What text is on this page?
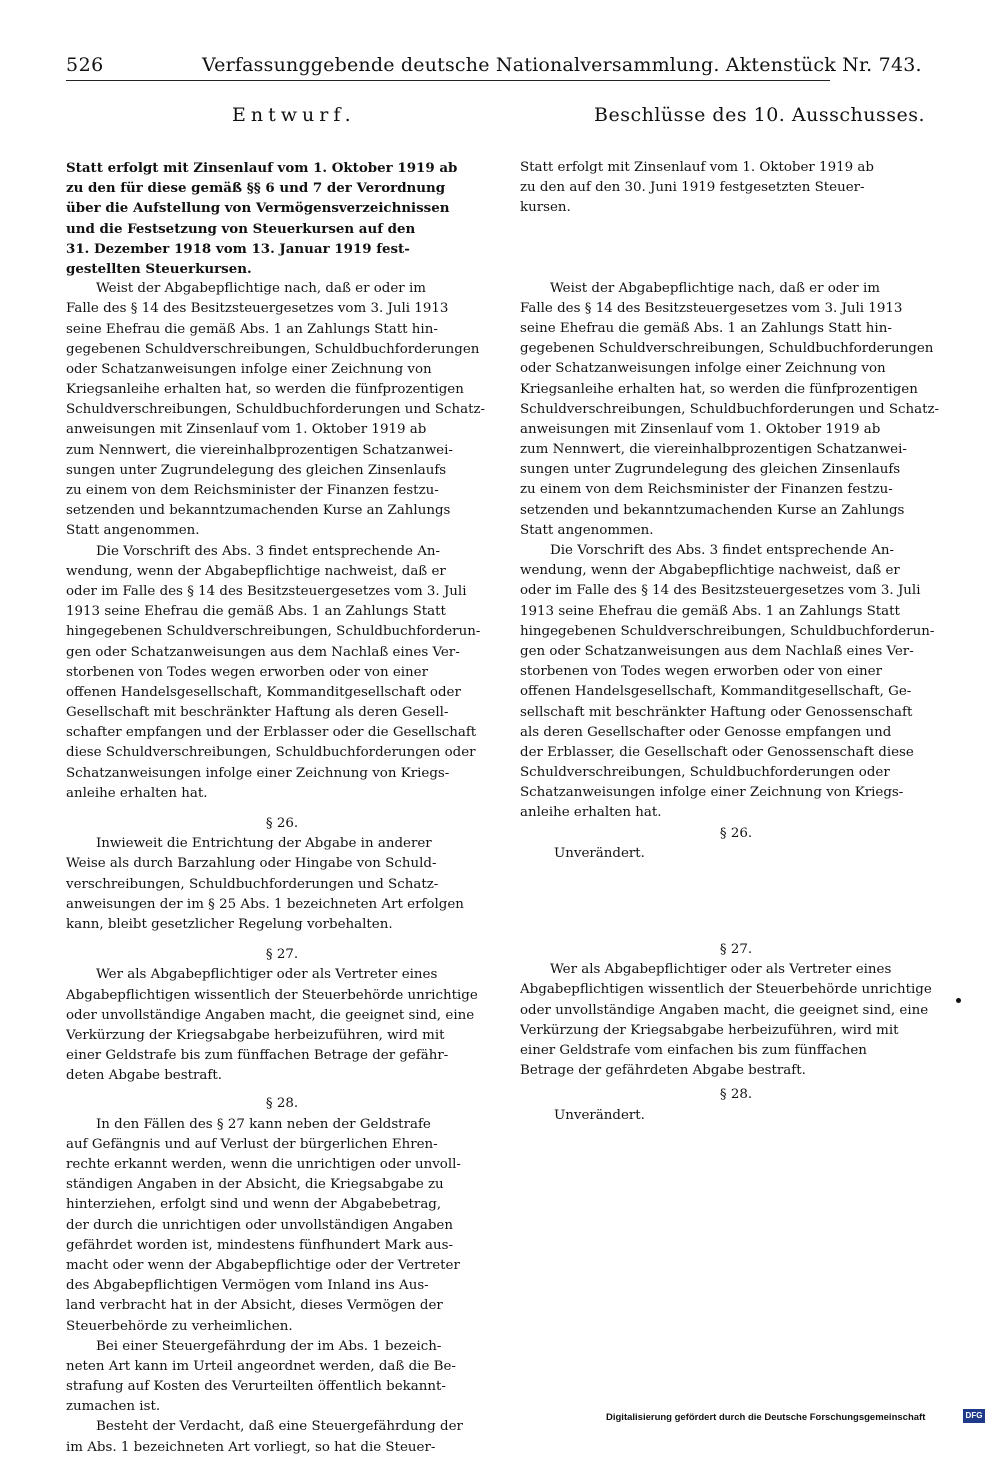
526	Verfassunggebende deutsche Nationalversammlung. Aktenstück Nr. 743.
Entwurf.	Beschlüsse des 10. Ausschusses.
Statt erfolgt mit Zinsenlauf vom 1. Oktober 1919 ab
zu den für diese gemäß §§ 6 und 7 der Verordnung
über die Aufstellung von Vermögensverzeichnissen
und die Festsetzung von Steuerkursen auf den
31. Dezember 1918 vom 13. Januar 1919 fest-
gestellten Steuerkursen.
Weist der Abgabepflichtige nach, daß er oder im
Falle des § 14 des Besitzsteuergesetzes vom 3. Juli 1913
seine Ehefrau die gemäß Abs. 1 an Zahlungs Statt hin-
gegebenen Schuldverschreibungen, Schuldbuchforderungen
oder Schatzanweisungen infolge einer Zeichnung von
Kriegsanleihe erhalten hat, so werden die fünfprozentigen
Schuldverschreibungen, Schuldbuchforderungen und Schatz-
anweisungen mit Zinsenlauf vom 1. Oktober 1919 ab
zum Nennwert, die viereinhalbprozentigen Schatzanwei-
sungen unter Zugrundelegung des gleichen Zinsenlaufs
zu einem von dem Reichsminister der Finanzen festzu-
setzenden und bekanntzumachenden Kurse an Zahlungs
Statt angenommen.
Die Vorschrift des Abs. 3 findet entsprechende An-
wendung, wenn der Abgabepflichtige nachweist, daß er
oder im Falle des § 14 des Besitzsteuergesetzes vom 3. Juli
1913 seine Ehefrau die gemäß Abs. 1 an Zahlungs Statt
hingegebenen Schuldverschreibungen, Schuldbuchforderun-
gen oder Schatzanweisungen aus dem Nachlaß eines Ver-
storbenen von Todes wegen erworben oder von einer
offenen Handelsgesellschaft, Kommanditgesellschaft oder
Gesellschaft mit beschränkter Haftung als deren Gesell-
schafter empfangen und der Erblasser oder die Gesellschaft
diese Schuldverschreibungen, Schuldbuchforderungen oder
Schatzanweisungen infolge einer Zeichnung von Kriegs-
anleihe erhalten hat.
§ 26.
Inwieweit die Entrichtung der Abgabe in anderer
Weise als durch Barzahlung oder Hingabe von Schuld-
verschreibungen, Schuldbuchforderungen und Schatz-
anweisungen der im § 25 Abs. 1 bezeichneten Art erfolgen
kann, bleibt gesetzlicher Regelung vorbehalten.
§ 27.
Wer als Abgabepflichtiger oder als Vertreter eines
Abgabepflichtigen wissentlich der Steuerbehörde unrichtige
oder unvollständige Angaben macht, die geeignet sind, eine
Verkürzung der Kriegsabgabe herbeizuführen, wird mit
einer Geldstrafe bis zum fünffachen Betrage der gefähr-
deten Abgabe bestraft.
§ 28.
In den Fällen des § 27 kann neben der Geldstrafe
auf Gefängnis und auf Verlust der bürgerlichen Ehren-
rechte erkannt werden, wenn die unrichtigen oder unvoll-
ständigen Angaben in der Absicht, die Kriegsabgabe zu
hinterziehen, erfolgt sind und wenn der Abgabebetrag,
der durch die unrichtigen oder unvollständigen Angaben
gefährdet worden ist, mindestens fünfhundert Mark aus-
macht oder wenn der Abgabepflichtige oder der Vertreter
des Abgabepflichtigen Vermögen vom Inland ins Aus-
land verbracht hat in der Absicht, dieses Vermögen der
Steuerbehörde zu verheimlichen.
Bei einer Steuergefährdung der im Abs. 1 bezeich-
neten Art kann im Urteil angeordnet werden, daß die Be-
strafung auf Kosten des Verurteilten öffentlich bekannt-
zumachen ist.
Besteht der Verdacht, daß eine Steuergefährdung der
im Abs. 1 bezeichneten Art vorliegt, so hat die Steuer-
Statt erfolgt mit Zinsenlauf vom 1. Oktober 1919 ab
zu den auf den 30. Juni 1919 festgesetzten Steuer-
kursen.
Weist der Abgabepflichtige nach, daß er oder im
Falle des § 14 des Besitzsteuergesetzes vom 3. Juli 1913
seine Ehefrau die gemäß Abs. 1 an Zahlungs Statt hin-
gegebenen Schuldverschreibungen, Schuldbuchforderungen
oder Schatzanweisungen infolge einer Zeichnung von
Kriegsanleihe erhalten hat, so werden die fünfprozentigen
Schuldverschreibungen, Schuldbuchforderungen und Schatz-
anweisungen mit Zinsenlauf vom 1. Oktober 1919 ab
zum Nennwert, die viereinhalbprozentigen Schatzanwei-
sungen unter Zugrundelegung des gleichen Zinsenlaufs
zu einem von dem Reichsminister der Finanzen festzu-
setzenden und bekanntzumachenden Kurse an Zahlungs
Statt angenommen.
Die Vorschrift des Abs. 3 findet entsprechende An-
wendung, wenn der Abgabepflichtige nachweist, daß er
oder im Falle des § 14 des Besitzsteuergesetzes vom 3. Juli
1913 seine Ehefrau die gemäß Abs. 1 an Zahlungs Statt
hingegebenen Schuldverschreibungen, Schuldbuchforderun-
gen oder Schatzanweisungen aus dem Nachlaß eines Ver-
storbenen von Todes wegen erworben oder von einer
offenen Handelsgesellschaft, Kommanditgesellschaft, Ge-
sellschaft mit beschränkter Haftung oder Genossenschaft
als deren Gesellschafter oder Genosse empfangen und
der Erblasser, die Gesellschaft oder Genossenschaft diese
Schuldverschreibungen, Schuldbuchforderungen oder
Schatzanweisungen infolge einer Zeichnung von Kriegs-
anleihe erhalten hat.
§ 26.
Unverändert.
§ 27.
Wer als Abgabepflichtiger oder als Vertreter eines
Abgabepflichtigen wissentlich der Steuerbehörde unrichtige
oder unvollständige Angaben macht, die geeignet sind, eine
Verkürzung der Kriegsabgabe herbeizuführen, wird mit
einer Geldstrafe vom einfachen bis zum fünffachen
Betrage der gefährdeten Abgabe bestraft.
§ 28.
Unverändert.
Digitalisierung gefördert durch die Deutsche Forschungsgemeinschaft	DFG
